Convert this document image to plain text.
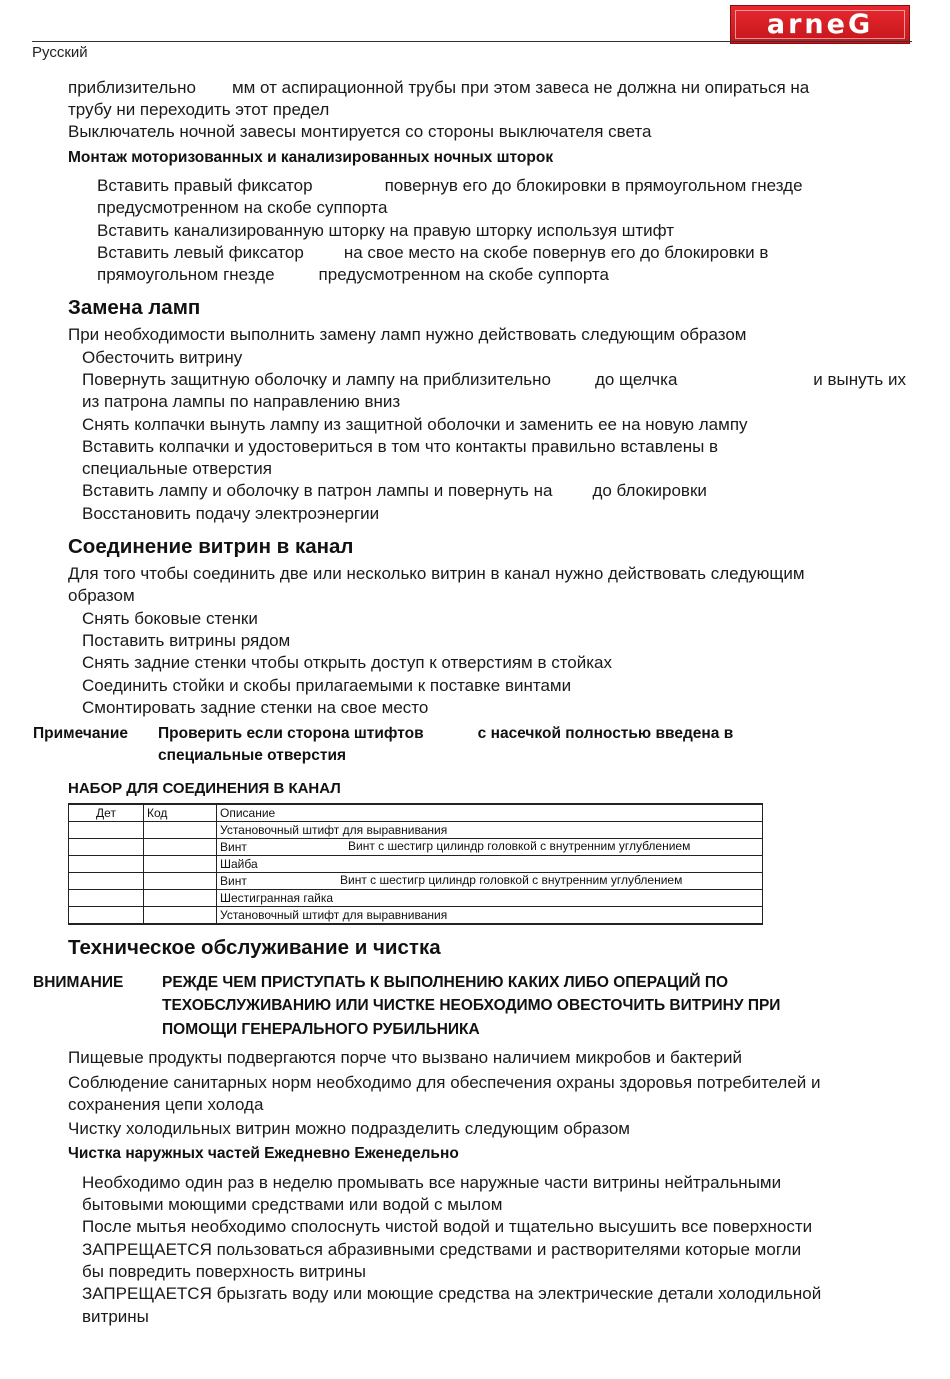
arneG
Русский
приблизительно мм от аспирационной трубы при этом завеса не должна ни опираться на
трубу ни переходить этот предел
Выключатель ночной завесы монтируется со стороны выключателя света
Монтаж моторизованных и канализированных ночных шторок
Вставить правый фиксатор	повернув его до блокировки в прямоугольном гнезде
предусмотренном на скобе суппорта
Вставить канализированную шторку на правую шторку используя штифт
Вставить левый фиксатор на свое место на скобе повернув его до блокировки в
прямоугольном гнезде	предусмотренном на скобе суппорта
Замена ламп
При необходимости выполнить замену ламп нужно действовать следующим образом
Обесточить витрину
Повернуть защитную оболочку и лампу на приблизительно	до щелчка	и вынуть их
из патрона лампы по направлению вниз
Снять колпачки вынуть лампу из защитной оболочки и заменить ее на новую лампу
Вставить колпачки и удостовериться в том что контакты правильно вставлены в
специальные отверстия
Вставить лампу и оболочку в патрон лампы и повернуть на до блокировки
Восстановить подачу электроэнергии
Соединение витрин в канал
Для того чтобы соединить две или несколько витрин в канал нужно действовать следующим
образом
Снять боковые стенки
Поставить витрины рядом
Снять задние стенки чтобы открыть доступ к отверстиям в стойках
Соединить стойки и скобы прилагаемыми к поставке винтами
Смонтировать задние стенки на свое место
Примечание Проверить если сторона штифтов	с насечкой полностью введена в
специальные отверстия
НАБОР ДЛЯ СОЕДИНЕНИЯ В КАНАЛ
Дет	Код	Описание
		Установочный штифт для выравнивания
		Винт Винт с шестигр цилиндр головкой с внутренним углублением

		Шайба
		Винт Винт с шестигр цилиндр головкой с внутренним углублением

		Шестигранная гайка
		Установочный штифт для выравнивания
Техническое обслуживание и чистка
ВНИМАНИЕ РЕЖДЕ ЧЕМ ПРИСТУПАТЬ К ВЫПОЛНЕНИЮ КАКИХ ЛИБО ОПЕРАЦИЙ ПО
ТЕХОБСЛУЖИВАНИЮ ИЛИ ЧИСТКЕ НЕОБХОДИМО ОВЕСТОЧИТЬ ВИТРИНУ ПРИ
ПОМОЩИ ГЕНЕРАЛЬНОГО РУБИЛЬНИКА
Пищевые продукты подвергаются порче что вызвано наличием микробов и бактерий
Соблюдение санитарных норм необходимо для обеспечения охраны здоровья потребителей и
сохранения цепи холода
Чистку холодильных витрин можно подразделить следующим образом
Чистка наружных частей Ежедневно Еженедельно
Необходимо один раз в неделю промывать все наружные части витрины нейтральными
бытовыми моющими средствами или водой с мылом
После мытья необходимо сполоснуть чистой водой и тщательно высушить все поверхности
ЗАПРЕЩАЕТСЯ пользоваться абразивными средствами и растворителями которые могли
бы повредить поверхность витрины
ЗАПРЕЩАЕТСЯ брызгать воду или моющие средства на электрические детали холодильной
витрины
